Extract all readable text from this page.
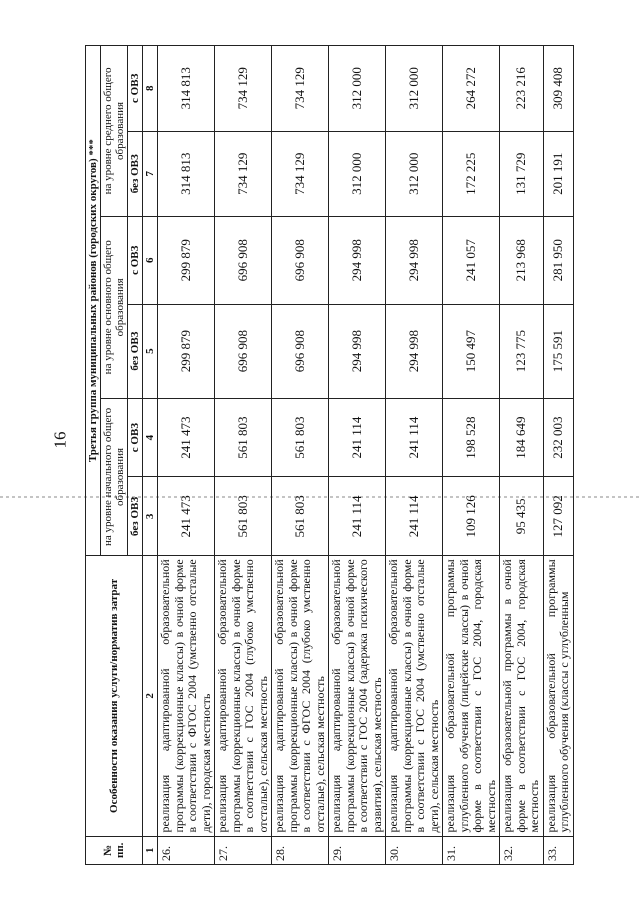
16
№ пп.	Особенности оказания услуги/норматив затрат	Третья группа муниципальных районов (городских округов) ***					
		на уровне начального общего образования		на уровне основного общего образования		на уровне среднего общего образования	
		без ОВЗ	с ОВЗ	без ОВЗ	с ОВЗ	без ОВЗ	с ОВЗ
1	2	3	4	5	6	7	8
26.	реализация адаптированной образовательной программы (коррекционные классы) в очной форме в соответствии с ФГОС 2004 (умственно отсталые дети), городская местность	241 473	241 473	299 879	299 879	314 813	314 813
27.	реализация адаптированной образовательной программы (коррекционные классы) в очной форме в соответствии с ГОС 2004 (глубоко умственно отсталые), сельская местность	561 803	561 803	696 908	696 908	734 129	734 129
28.	реализация адаптированной образовательной программы (коррекционные классы) в очной форме в соответствии с ФГОС 2004 (глубоко умственно отсталые), сельская местность	561 803	561 803	696 908	696 908	734 129	734 129
29.	реализация адаптированной образовательной программы (коррекционные классы) в очной форме в соответствии с ГОС 2004 (задержка психического развития), сельская местность	241 114	241 114	294 998	294 998	312 000	312 000
30.	реализация адаптированной образовательной программы (коррекционные классы) в очной форме в соответствии с ГОС 2004 (умственно отсталые дети), сельская местность	241 114	241 114	294 998	294 998	312 000	312 000
31.	реализация образовательной программы углубленного обучения (лицейские классы) в очной форме в соответствии с ГОС 2004, городская местность	109 126	198 528	150 497	241 057	172 225	264 272
32.	реализация образовательной программы в очной форме в соответствии с ГОС 2004, городская местность	95 435	184 649	123 775	213 968	131 729	223 216
33.	реализация образовательной программы углубленного обучения (классы с углубленным	127 092	232 003	175 591	281 950	201 191	309 408
